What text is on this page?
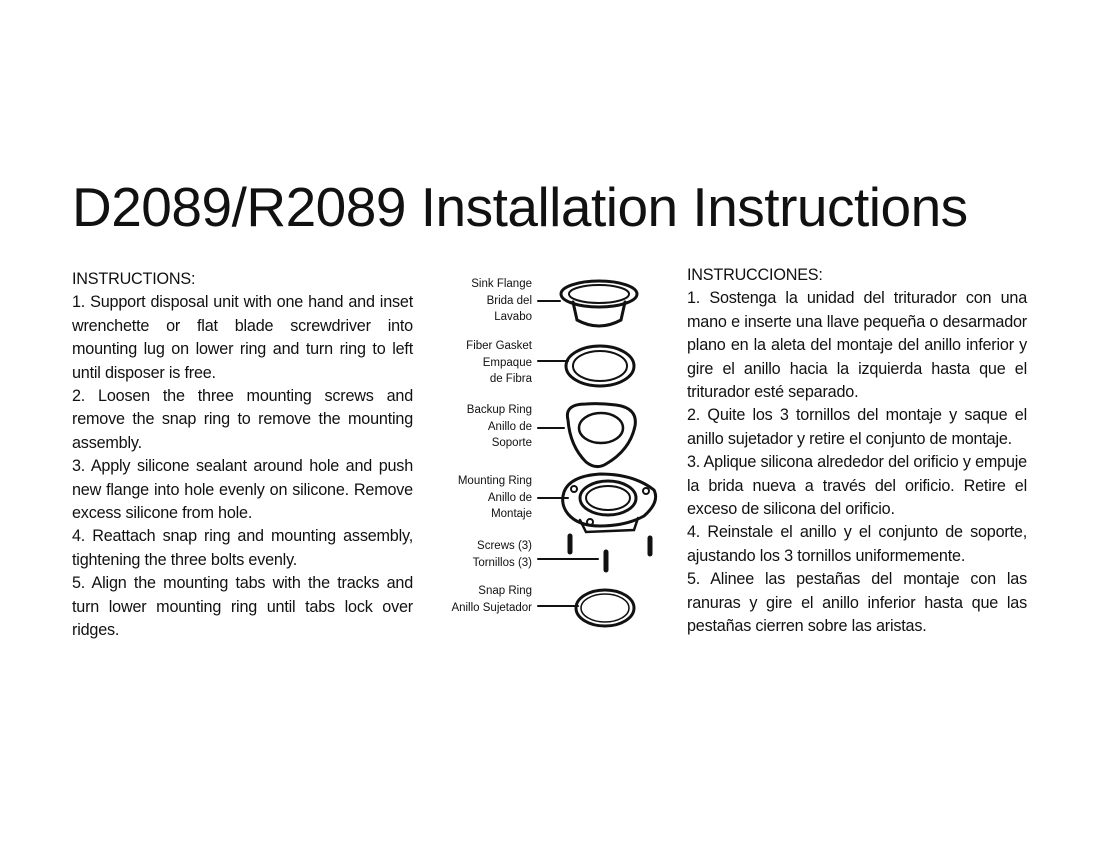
D2089/R2089 Installation Instructions

INSTRUCTIONS:

1. Support disposal unit with one hand and inset wrenchette or flat blade screwdriver into mounting lug on lower ring and turn ring to left until disposer is free.

2. Loosen the three mounting screws and remove the snap ring to remove the mounting assembly.

3. Apply silicone sealant around hole and push new flange into hole evenly on silicone. Remove excess silicone from hole.

4. Reattach snap ring and mounting assembly, tightening the three bolts evenly.

5. Align the mounting tabs with the tracks and turn lower mounting ring until tabs lock over ridges.

Sink Flange
Brida del
Lavabo
Fiber Gasket
Empaque
de Fibra
Backup Ring
Anillo de
Soporte
Mounting Ring
Anillo de
Montaje
Screws (3)
Tornillos (3)
Snap Ring
Anillo Sujetador

INSTRUCCIONES:

1. Sostenga la unidad del triturador con una mano e inserte una llave pequeña o desarmador plano en la aleta del montaje del anillo inferior y gire el anillo hacia la izquierda hasta que el triturador esté separado.

2. Quite los 3 tornillos del montaje y saque el anillo sujetador y retire el conjunto de montaje.

3. Aplique silicona alrededor del orificio y empuje la brida nueva a través del orificio. Retire el exceso de silicona del orificio.

4. Reinstale el anillo y el conjunto de soporte, ajustando los 3 tornillos uniformemente.

5. Alinee las pestañas del montaje con las ranuras y gire el anillo inferior hasta que las pestañas cierren sobre las aristas.
